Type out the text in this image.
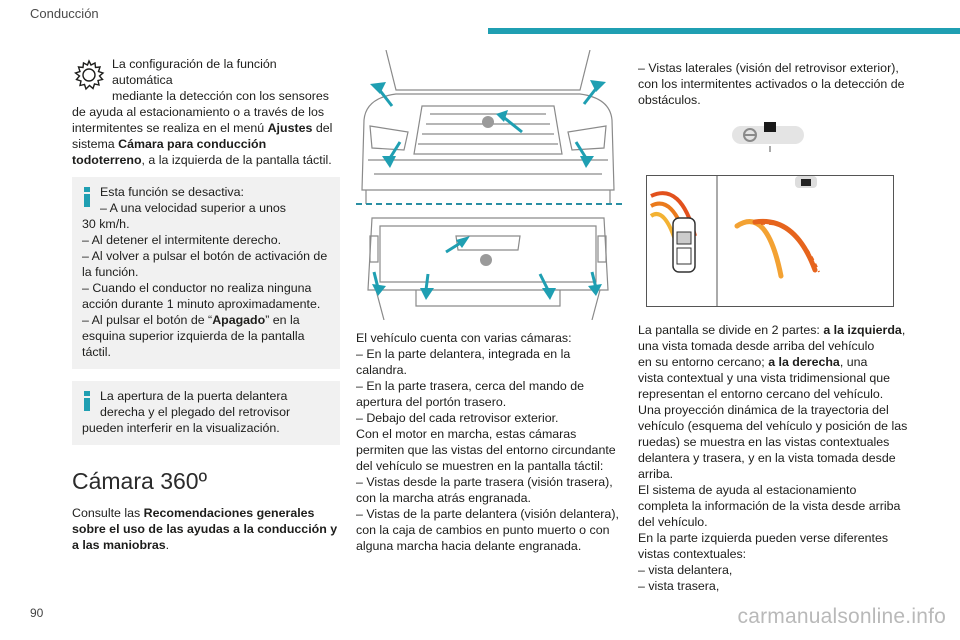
Conducción

La configuración de la función automática

mediante la detección con los sensores

de ayuda al estacionamiento o a través de los

intermitentes se realiza en el menú Ajustes del

sistema Cámara para conducción

todoterreno, a la izquierda de la pantalla táctil.

Esta función se desactiva:

– A una velocidad superior a unos

30 km/h.

– Al detener el intermitente derecho.

– Al volver a pulsar el botón de activación de

la función.

– Cuando el conductor no realiza ninguna

acción durante 1 minuto aproximadamente.

– Al pulsar el botón de “Apagado” en la

esquina superior izquierda de la pantalla

táctil.

La apertura de la puerta delantera

derecha y el plegado del retrovisor

pueden interferir en la visualización.

Cámara 360º

Consulte las Recomendaciones generales

sobre el uso de las ayudas a la conducción y

a las maniobras.

El vehículo cuenta con varias cámaras:

– En la parte delantera, integrada en la

calandra.

– En la parte trasera, cerca del mando de

apertura del portón trasero.

– Debajo del cada retrovisor exterior.

Con el motor en marcha, estas cámaras

permiten que las vistas del entorno circundante

del vehículo se muestren en la pantalla táctil:

– Vistas desde la parte trasera (visión trasera),

con la marcha atrás engranada.

– Vistas de la parte delantera (visión delantera),

con la caja de cambios en punto muerto o con

alguna marcha hacia delante engranada.

– Vistas laterales (visión del retrovisor exterior),

con los intermitentes activados o la detección de

obstáculos.

La pantalla se divide en 2 partes: a la izquierda,

una vista tomada desde arriba del vehículo

en su entorno cercano; a la derecha, una

vista contextual y una vista tridimensional que

representan el entorno cercano del vehículo.

Una proyección dinámica de la trayectoria del

vehículo (esquema del vehículo y posición de las

ruedas) se muestra en las vistas contextuales

delantera y trasera, y en la vista tomada desde

arriba.

El sistema de ayuda al estacionamiento

completa la información de la vista desde arriba

del vehículo.

En la parte izquierda pueden verse diferentes

vistas contextuales:

– vista delantera,

– vista trasera,

90	carmanualsonline.info
